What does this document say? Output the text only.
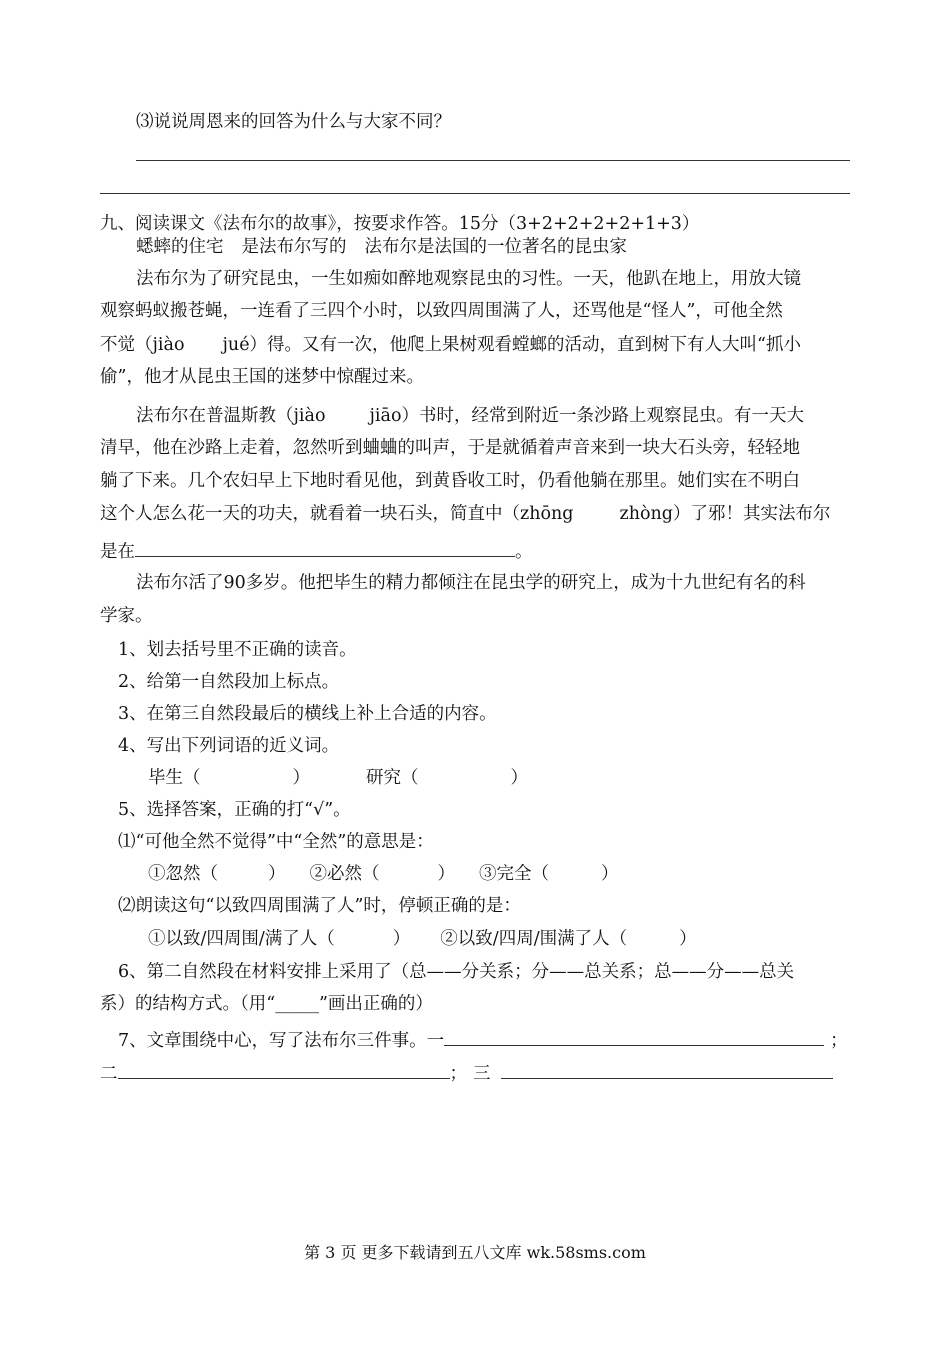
⑶说说周恩来的回答为什么与大家不同？
九、阅读课文《法布尔的故事》，按要求作答。15分（3+2+2+2+2+1+3）
蟋蟀的住宅 是法布尔写的 法布尔是法国的一位著名的昆虫家
法布尔为了研究昆虫，一生如痴如醉地观察昆虫的习性。一天，他趴在地上，用放大镜
观察蚂蚁搬苍蝇，一连看了三四个小时，以致四周围满了人，还骂他是“怪人”，可他全然
不觉（jiào jué）得。又有一次，他爬上果树观看螳螂的活动，直到树下有人大叫“抓小
偷”，他才从昆虫王国的迷梦中惊醒过来。
法布尔在普温斯教（jiào	jiāo）书时，经常到附近一条沙路上观察昆虫。有一天大
清早，他在沙路上走着，忽然听到蛐蛐的叫声，于是就循着声音来到一块大石头旁，轻轻地
躺了下来。几个农妇早上下地时看见他，到黄昏收工时，仍看他躺在那里。她们实在不明白
这个人怎么花一天的功夫，就看着一块石头，简直中（zhōng	zhòng）了邪！其实法布尔
是在	。
法布尔活了90多岁。他把毕生的精力都倾注在昆虫学的研究上，成为十九世纪有名的科
学家。
1、划去括号里不正确的读音。
2、给第一自然段加上标点。
3、在第三自然段最后的横线上补上合适的内容。
4、写出下列词语的近义词。
毕生（	）	研究（	）
5、选择答案，正确的打“√”。
⑴“可他全然不觉得”中“全然”的意思是：
①忽然（	） ②必然（	） ③完全（	）
⑵朗读这句“以致四周围满了人”时，停顿正确的是：
①以致/四周围/满了人（	） ②以致/四周/围满了人（	）
6、第二自然段在材料安排上采用了（总——分关系；分——总关系；总——分——总关
系）的结构方式。（用“_____”画出正确的）
7、文章围绕中心，写了法布尔三件事。一	；
二	； 三
第 3 页 更多下载请到五八文库 wk.58sms.com
